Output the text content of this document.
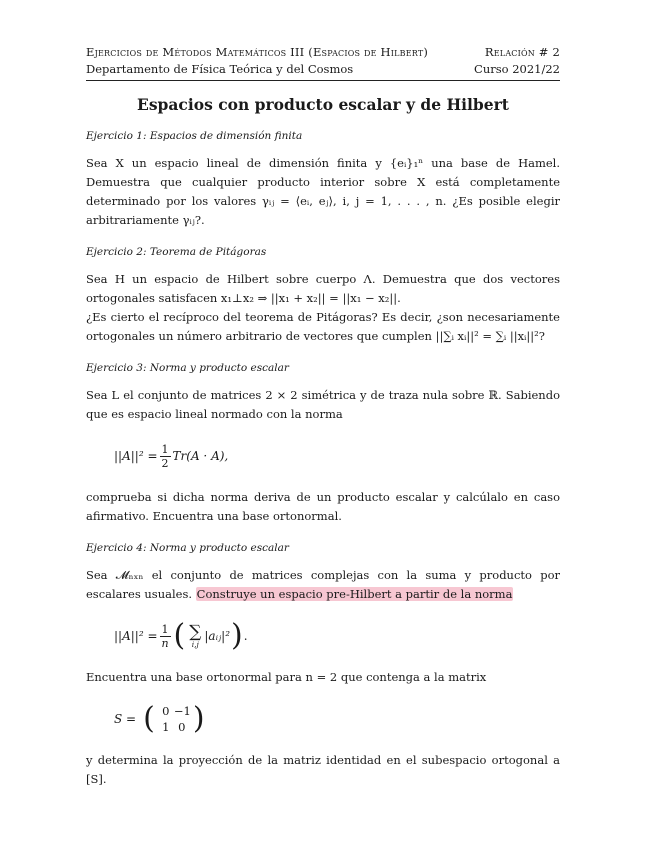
Ejercicios de Métodos Matemáticos III (Espacios de Hilbert)	Relación # 2
Departamento de Física Teórica y del Cosmos	Curso 2021/22
Espacios con producto escalar y de Hilbert
Ejercicio 1: Espacios de dimensión finita
Sea X un espacio lineal de dimensión finita y {eᵢ}₁ⁿ una base de Hamel. Demuestra que cualquier producto interior sobre X está completamente determinado por los valores γᵢⱼ = ⟨eᵢ, eⱼ⟩, i, j = 1, . . . , n. ¿Es posible elegir arbitrariamente γᵢⱼ?.
Ejercicio 2: Teorema de Pitágoras
Sea H un espacio de Hilbert sobre cuerpo Λ. Demuestra que dos vectores ortogonales satisfacen x₁⊥x₂ ⇒ ||x₁ + x₂|| = ||x₁ − x₂||.
¿Es cierto el recíproco del teorema de Pitágoras? Es decir, ¿son necesariamente ortogonales un número arbitrario de vectores que cumplen ||∑ᵢ xᵢ||² = ∑ᵢ ||xᵢ||²?
Ejercicio 3: Norma y producto escalar
Sea L el conjunto de matrices 2 × 2 simétrica y de traza nula sobre ℝ. Sabiendo que es espacio lineal normado con la norma
$||A||^2 = \frac{1}{2} Tr(A \cdot A)$,
comprueba si dicha norma deriva de un producto escalar y calcúlalo en caso afirmativo. Encuentra una base ortonormal.
Ejercicio 4: Norma y producto escalar
Sea 𝓜ₙₓₙ el conjunto de matrices complejas con la suma y producto por escalares usuales. Construye un espacio pre-Hilbert a partir de la norma
$||A||^2 = \frac{1}{n}$ ( ∑
i,j
|aᵢⱼ|² ) .
Encuentra una base ortonormal para n = 2 que contenga a la matrix
S = ( 0 −1
1 0 )
y determina la proyección de la matriz identidad en el subespacio ortogonal a [S].
